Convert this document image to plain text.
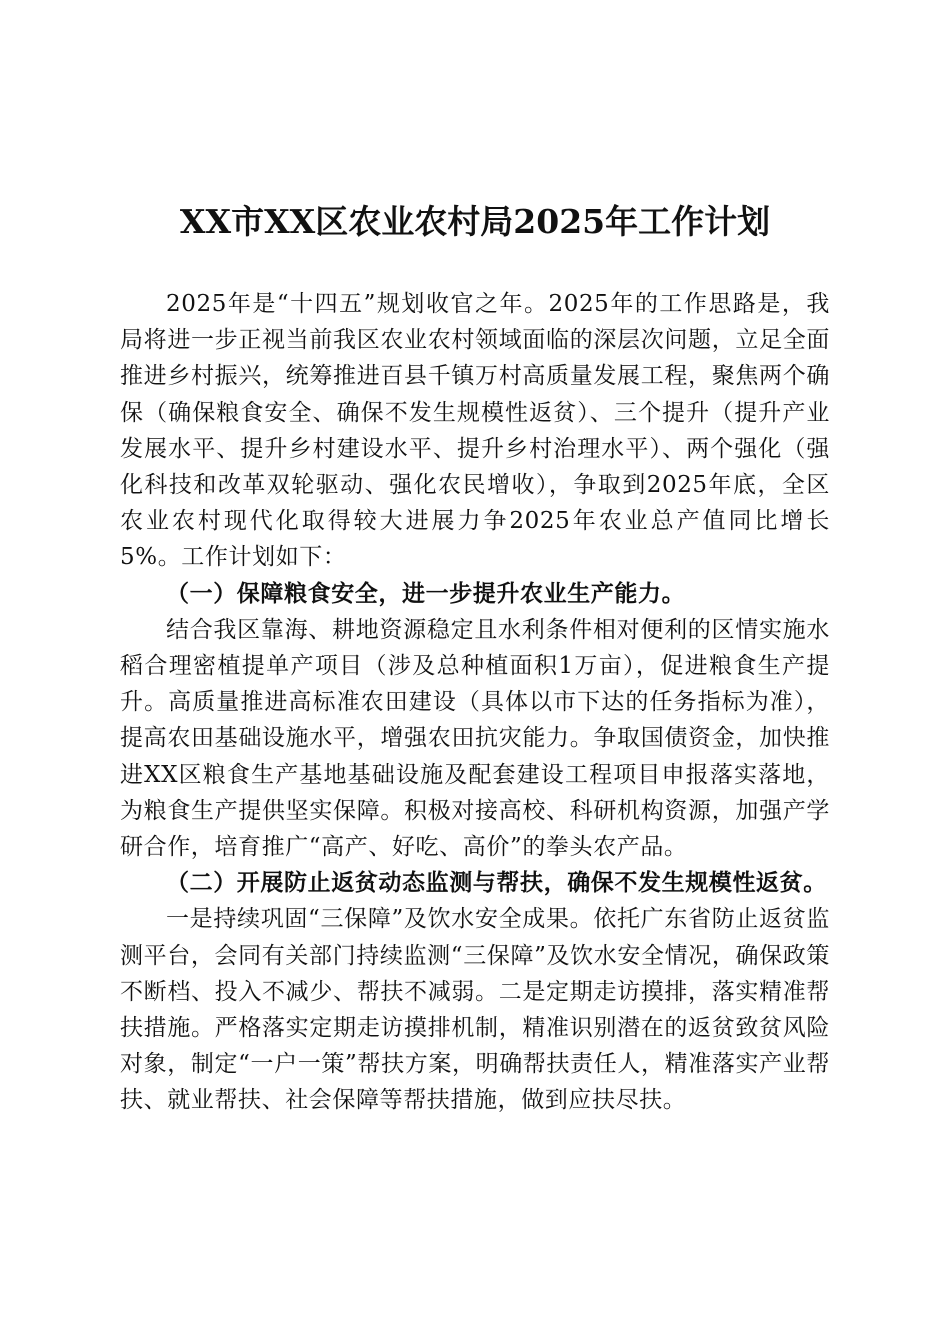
XX市XX区农业农村局2025年工作计划

2025年是“十四五”规划收官之年。2025年的工作思路是，我局将进一步正视当前我区农业农村领域面临的深层次问题，立足全面推进乡村振兴，统筹推进百县千镇万村高质量发展工程，聚焦两个确保（确保粮食安全、确保不发生规模性返贫）、三个提升（提升产业发展水平、提升乡村建设水平、提升乡村治理水平）、两个强化（强化科技和改革双轮驱动、强化农民增收），争取到2025年底，全区农业农村现代化取得较大进展力争2025年农业总产值同比增长5%。工作计划如下：

（一）保障粮食安全，进一步提升农业生产能力。

结合我区靠海、耕地资源稳定且水利条件相对便利的区情实施水稻合理密植提单产项目（涉及总种植面积1万亩），促进粮食生产提升。高质量推进高标准农田建设（具体以市下达的任务指标为准），提高农田基础设施水平，增强农田抗灾能力。争取国债资金，加快推进XX区粮食生产基地基础设施及配套建设工程项目申报落实落地，为粮食生产提供坚实保障。积极对接高校、科研机构资源，加强产学研合作，培育推广“高产、好吃、高价”的拳头农产品。

（二）开展防止返贫动态监测与帮扶，确保不发生规模性返贫。

一是持续巩固“三保障”及饮水安全成果。依托广东省防止返贫监测平台，会同有关部门持续监测“三保障”及饮水安全情况，确保政策不断档、投入不减少、帮扶不减弱。二是定期走访摸排，落实精准帮扶措施。严格落实定期走访摸排机制，精准识别潜在的返贫致贫风险对象，制定“一户一策”帮扶方案，明确帮扶责任人，精准落实产业帮扶、就业帮扶、社会保障等帮扶措施，做到应扶尽扶。
